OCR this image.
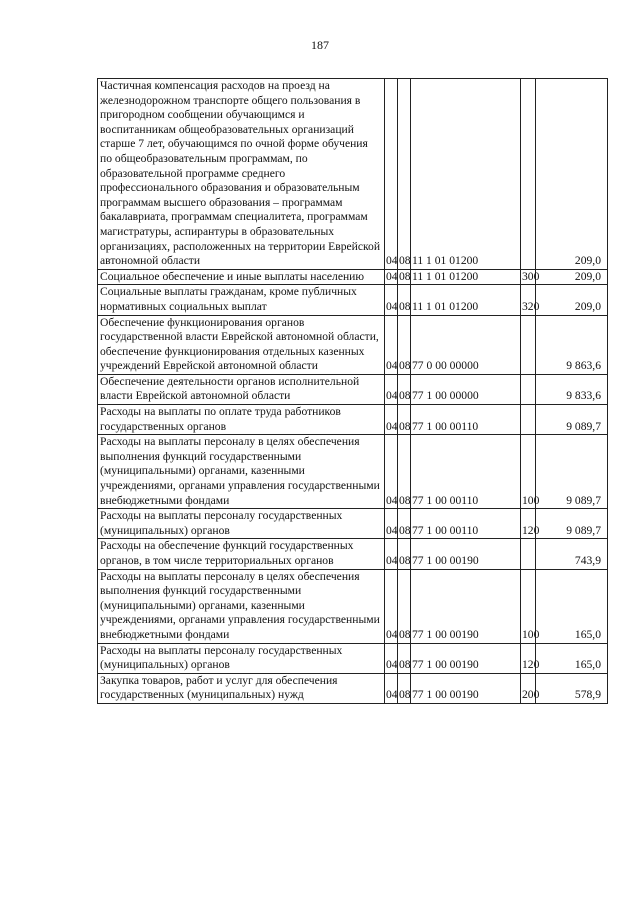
187
Частичная компенсация расходов на проезд на железнодорожном транспорте общего пользования в пригородном сообщении обучающимся и воспитанникам общеобразовательных организаций старше 7 лет, обучающимся по очной форме обучения по общеобразовательным программам, по образовательной программе среднего профессионального образования и образовательным программам высшего образования – программам бакалавриата, программам специалитета, программам магистратуры, аспирантуры в образовательных организациях, расположенных на территории Еврейской автономной области	04	08	11 1 01 01200		209,0
Социальное обеспечение и иные выплаты населению	04	08	11 1 01 01200	300	209,0
Социальные выплаты гражданам, кроме публичных нормативных социальных выплат	04	08	11 1 01 01200	320	209,0
Обеспечение функционирования органов государственной власти Еврейской автономной области, обеспечение функционирования отдельных казенных учреждений Еврейской автономной области	04	08	77 0 00 00000		9 863,6
Обеспечение деятельности органов исполнительной власти Еврейской автономной области	04	08	77 1 00 00000		9 833,6
Расходы на выплаты по оплате труда работников государственных органов	04	08	77 1 00 00110		9 089,7
Расходы на выплаты персоналу в целях обеспечения выполнения функций государственными (муниципальными) органами, казенными учреждениями, органами управления государственными внебюджетными фондами	04	08	77 1 00 00110	100	9 089,7
Расходы на выплаты персоналу государственных (муниципальных) органов	04	08	77 1 00 00110	120	9 089,7
Расходы на обеспечение функций государственных органов, в том числе территориальных органов	04	08	77 1 00 00190		743,9
Расходы на выплаты персоналу в целях обеспечения выполнения функций государственными (муниципальными) органами, казенными учреждениями, органами управления государственными внебюджетными фондами	04	08	77 1 00 00190	100	165,0
Расходы на выплаты персоналу государственных (муниципальных) органов	04	08	77 1 00 00190	120	165,0
Закупка товаров, работ и услуг для обеспечения государственных (муниципальных) нужд	04	08	77 1 00 00190	200	578,9
